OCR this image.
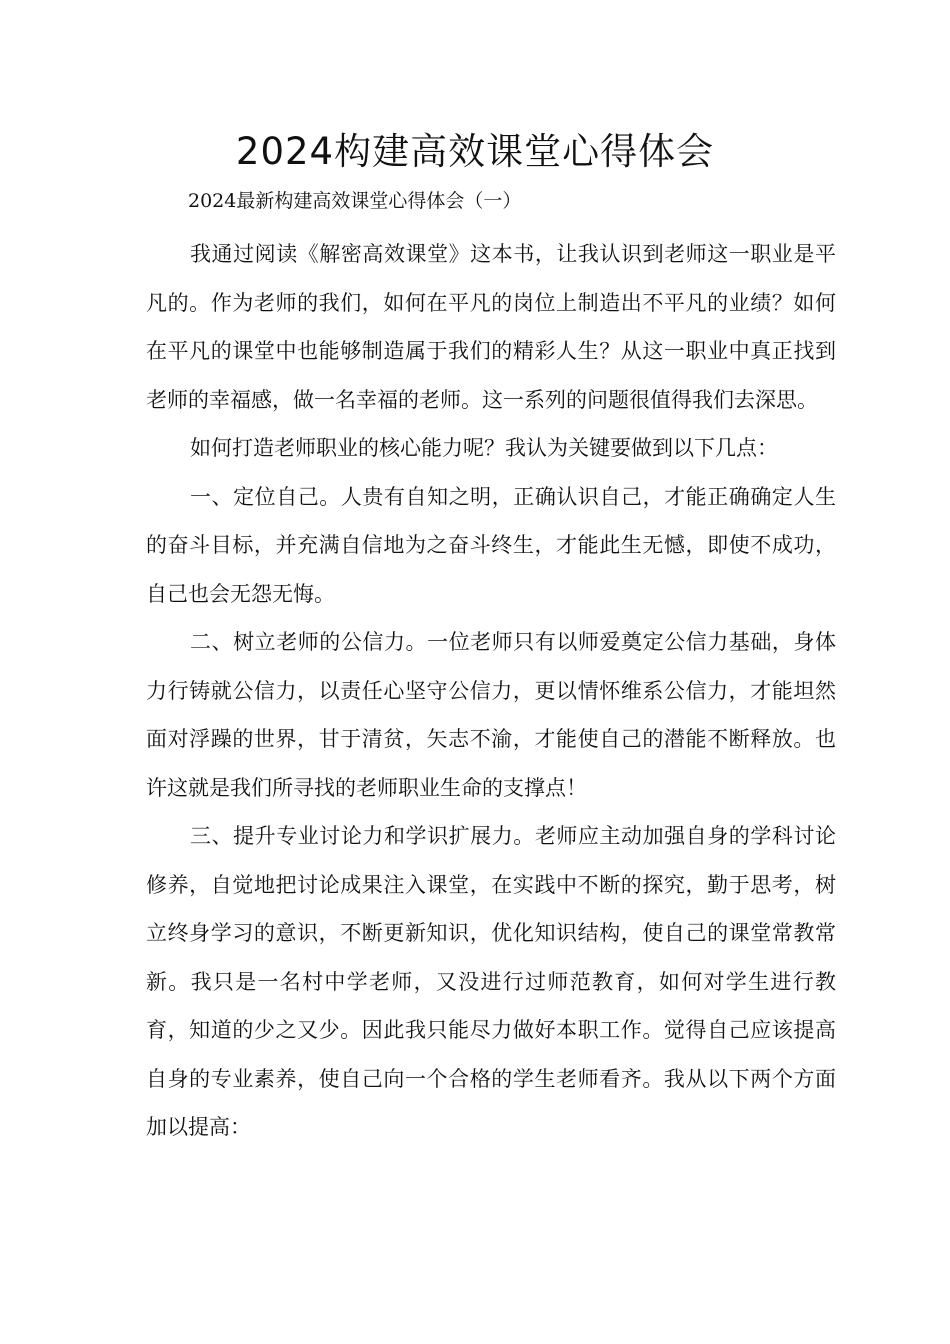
2024构建高效课堂心得体会

2024最新构建高效课堂心得体会（一）

我通过阅读《解密高效课堂》这本书，让我认识到老师这一职业是平凡的。作为老师的我们，如何在平凡的岗位上制造出不平凡的业绩？如何在平凡的课堂中也能够制造属于我们的精彩人生？从这一职业中真正找到老师的幸福感，做一名幸福的老师。这一系列的问题很值得我们去深思。

如何打造老师职业的核心能力呢？我认为关键要做到以下几点：

一、定位自己。人贵有自知之明，正确认识自己，才能正确确定人生的奋斗目标，并充满自信地为之奋斗终生，才能此生无憾，即使不成功，自己也会无怨无悔。

二、树立老师的公信力。一位老师只有以师爱奠定公信力基础，身体力行铸就公信力，以责任心坚守公信力，更以情怀维系公信力，才能坦然面对浮躁的世界，甘于清贫，矢志不渝，才能使自己的潜能不断释放。也许这就是我们所寻找的老师职业生命的支撑点！

三、提升专业讨论力和学识扩展力。老师应主动加强自身的学科讨论修养，自觉地把讨论成果注入课堂，在实践中不断的探究，勤于思考，树立终身学习的意识，不断更新知识，优化知识结构，使自己的课堂常教常新。我只是一名村中学老师，又没进行过师范教育，如何对学生进行教育，知道的少之又少。因此我只能尽力做好本职工作。觉得自己应该提高自身的专业素养，使自己向一个合格的学生老师看齐。我从以下两个方面加以提高：
